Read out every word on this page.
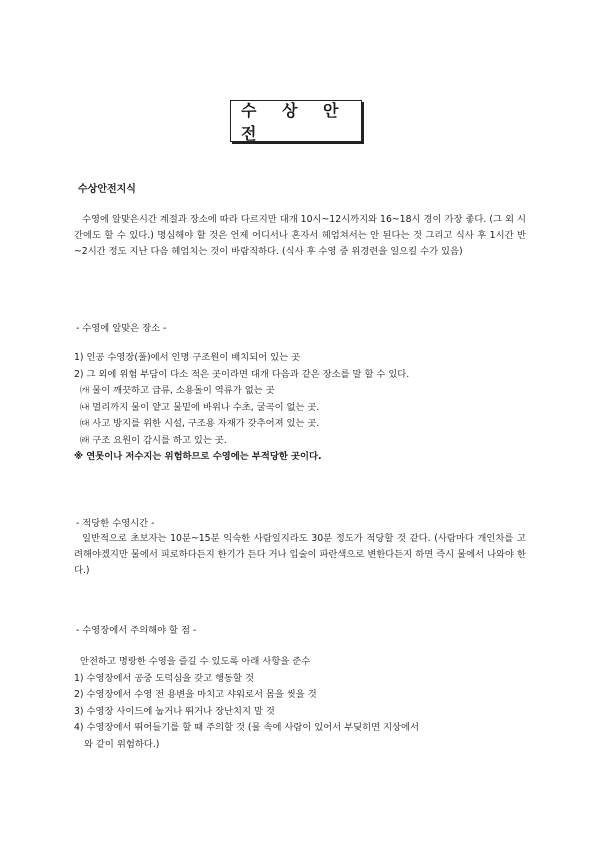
수 상 안 전
수상안전지식
수영에 알맞은시간 계절과 장소에 따라 다르지만 대개 10시~12시까지와 16~18시 경이 가장 좋다. (그 외 시간에도 할 수 있다.) 명심해야 할 것은 언제 어디서나 혼자서 헤엄쳐서는 안 된다는 것 그리고 식사 후 1시간 반~2시간 정도 지난 다음 헤엄치는 것이 바람직하다. (식사 후 수영 중 위경련을 일으킬 수가 있음)
- 수영에 알맞은 장소 -
1) 인공 수영장(풀)에서 인명 구조원이 배치되어 있는 곳
2) 그 외에 위험 부담이 다소 적은 곳이라면 대개 다음과 같은 장소를 말 할 수 있다.
㈎ 물이 깨끗하고 급류, 소용돌이 역류가 없는 곳
㈏ 멀리까지 물이 얕고 물밑에 바위나 수초, 굴곡이 없는 곳.
㈐ 사고 방지를 위한 시설, 구조용 자재가 갖추어져 있는 곳.
㈑ 구조 요원이 감시를 하고 있는 곳.
※ 연못이나 저수지는 위험하므로 수영에는 부적당한 곳이다.
- 적당한 수영시간 -
일반적으로 초보자는 10분~15분 익숙한 사람일지라도 30분 정도가 적당할 것 같다. (사람마다 개인차를 고려해야겠지만 물에서 피로하다든지 한기가 든다 거나 입술이 파란색으로 변한다든지 하면 즉시 물에서 나와야 한다.)
- 수영장에서 주의해야 할 점 -
안전하고 명랑한 수영을 즐길 수 있도록 아래 사항을 준수
1) 수영장에서 공중 도덕심을 갖고 행동할 것
2) 수영장에서 수영 전 용변을 마치고 샤워로서 몸을 씻을 것
3) 수영장 사이드에 눕거나 뛰거나 장난치지 말 것
4) 수영장에서 뛰어들기를 할 때 주의할 것 (물 속에 사람이 있어서 부딪히면 지상에서
와 같이 위험하다.)
